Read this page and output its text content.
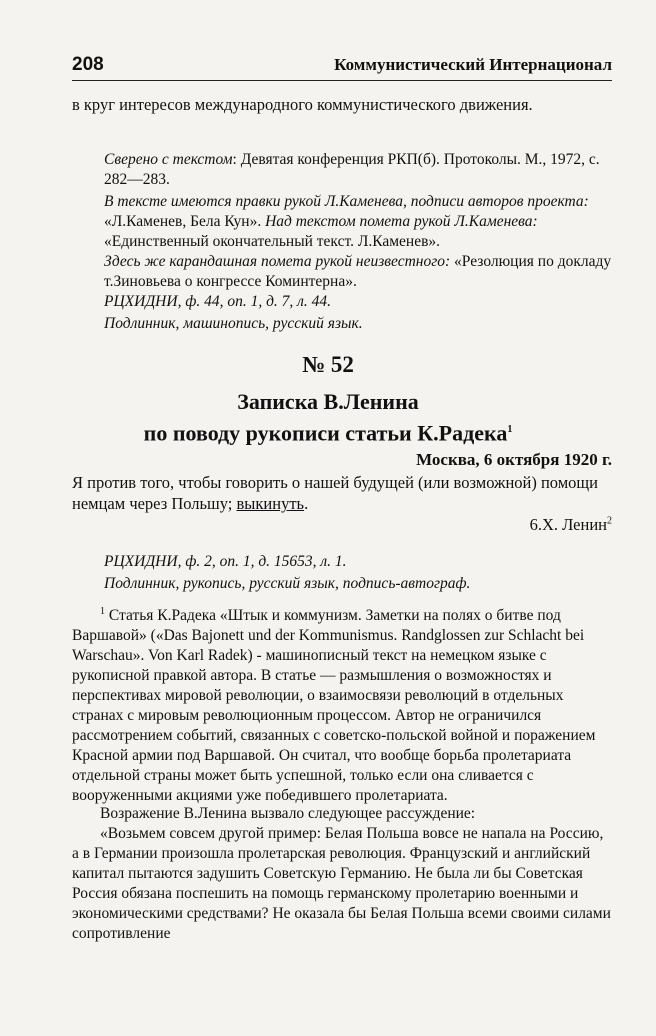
208	Коммунистический Интернационал
в круг интересов международного коммунистического движения.
Сверено с текстом: Девятая конференция РКП(б). Протоколы. М., 1972, с. 282—283.
В тексте имеются правки рукой Л.Каменева, подписи авторов проекта: «Л.Каменев, Бела Кун». Над текстом помета рукой Л.Каменева: «Единственный окончательный текст. Л.Каменев».
Здесь же карандашная помета рукой неизвестного: «Резолюция по докладу т.Зиновьева о конгрессе Коминтерна».
РЦХИДНИ, ф. 44, оп. 1, д. 7, л. 44.
Подлинник, машинопись, русский язык.
№ 52
Записка В.Ленина
по поводу рукописи статьи К.Радека$^1$
Москва, 6 октября 1920 г.
Я против того, чтобы говорить о нашей будущей (или возможной) помощи немцам через Польшу; выкинуть.
6.Х. Ленин$^2$
РЦХИДНИ, ф. 2, оп. 1, д. 15653, л. 1.
Подлинник, рукопись, русский язык, подпись-автограф.
$^1$ Статья К.Радека «Штык и коммунизм. Заметки на полях о битве под Варшавой» («Das Bajonett und der Kommunismus. Randglossen zur Schlacht bei Warschau». Von Karl Radek) - машинописный текст на немецком языке с рукописной правкой автора. В статье — размышления о возможностях и перспективах мировой революции, о взаимосвязи революций в отдельных странах с мировым революционным процессом. Автор не ограничился рассмотрением событий, связанных с советско-польской войной и поражением Красной армии под Варшавой. Он считал, что вообще борьба пролетариата отдельной страны может быть успешной, только если она сливается с вооруженными акциями уже победившего пролетариата.
Возражение В.Ленина вызвало следующее рассуждение:
«Возьмем совсем другой пример: Белая Польша вовсе не напала на Россию, а в Германии произошла пролетарская революция. Французский и английский капитал пытаются задушить Советскую Германию. Не была ли бы Советская Россия обязана поспешить на помощь германскому пролетарию военными и экономическими средствами? Не оказала бы Белая Польша всеми своими силами сопротивление
